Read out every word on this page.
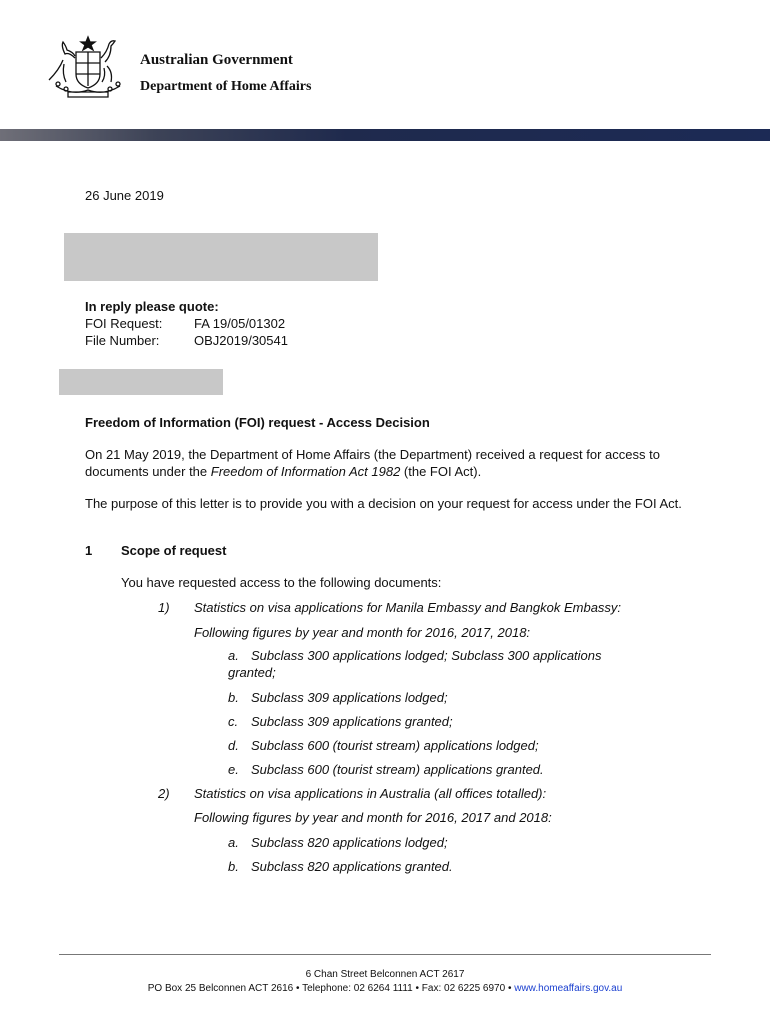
Australian Government
Department of Home Affairs
26 June 2019
In reply please quote:
FOI Request:	FA 19/05/01302
File Number:	OBJ2019/30541
Freedom of Information (FOI) request - Access Decision
On 21 May 2019, the Department of Home Affairs (the Department) received a request for access to documents under the Freedom of Information Act 1982 (the FOI Act).
The purpose of this letter is to provide you with a decision on your request for access under the FOI Act.
1 Scope of request
You have requested access to the following documents:
1) Statistics on visa applications for Manila Embassy and Bangkok Embassy:
Following figures by year and month for 2016, 2017, 2018:
a. Subclass 300 applications lodged; Subclass 300 applications granted;
b. Subclass 309 applications lodged;
c. Subclass 309 applications granted;
d. Subclass 600 (tourist stream) applications lodged;
e. Subclass 600 (tourist stream) applications granted.
2) Statistics on visa applications in Australia (all offices totalled):
Following figures by year and month for 2016, 2017 and 2018:
a. Subclass 820 applications lodged;
b. Subclass 820 applications granted.
6 Chan Street Belconnen ACT 2617
PO Box 25 Belconnen ACT 2616 • Telephone: 02 6264 1111 • Fax: 02 6225 6970 • www.homeaffairs.gov.au
